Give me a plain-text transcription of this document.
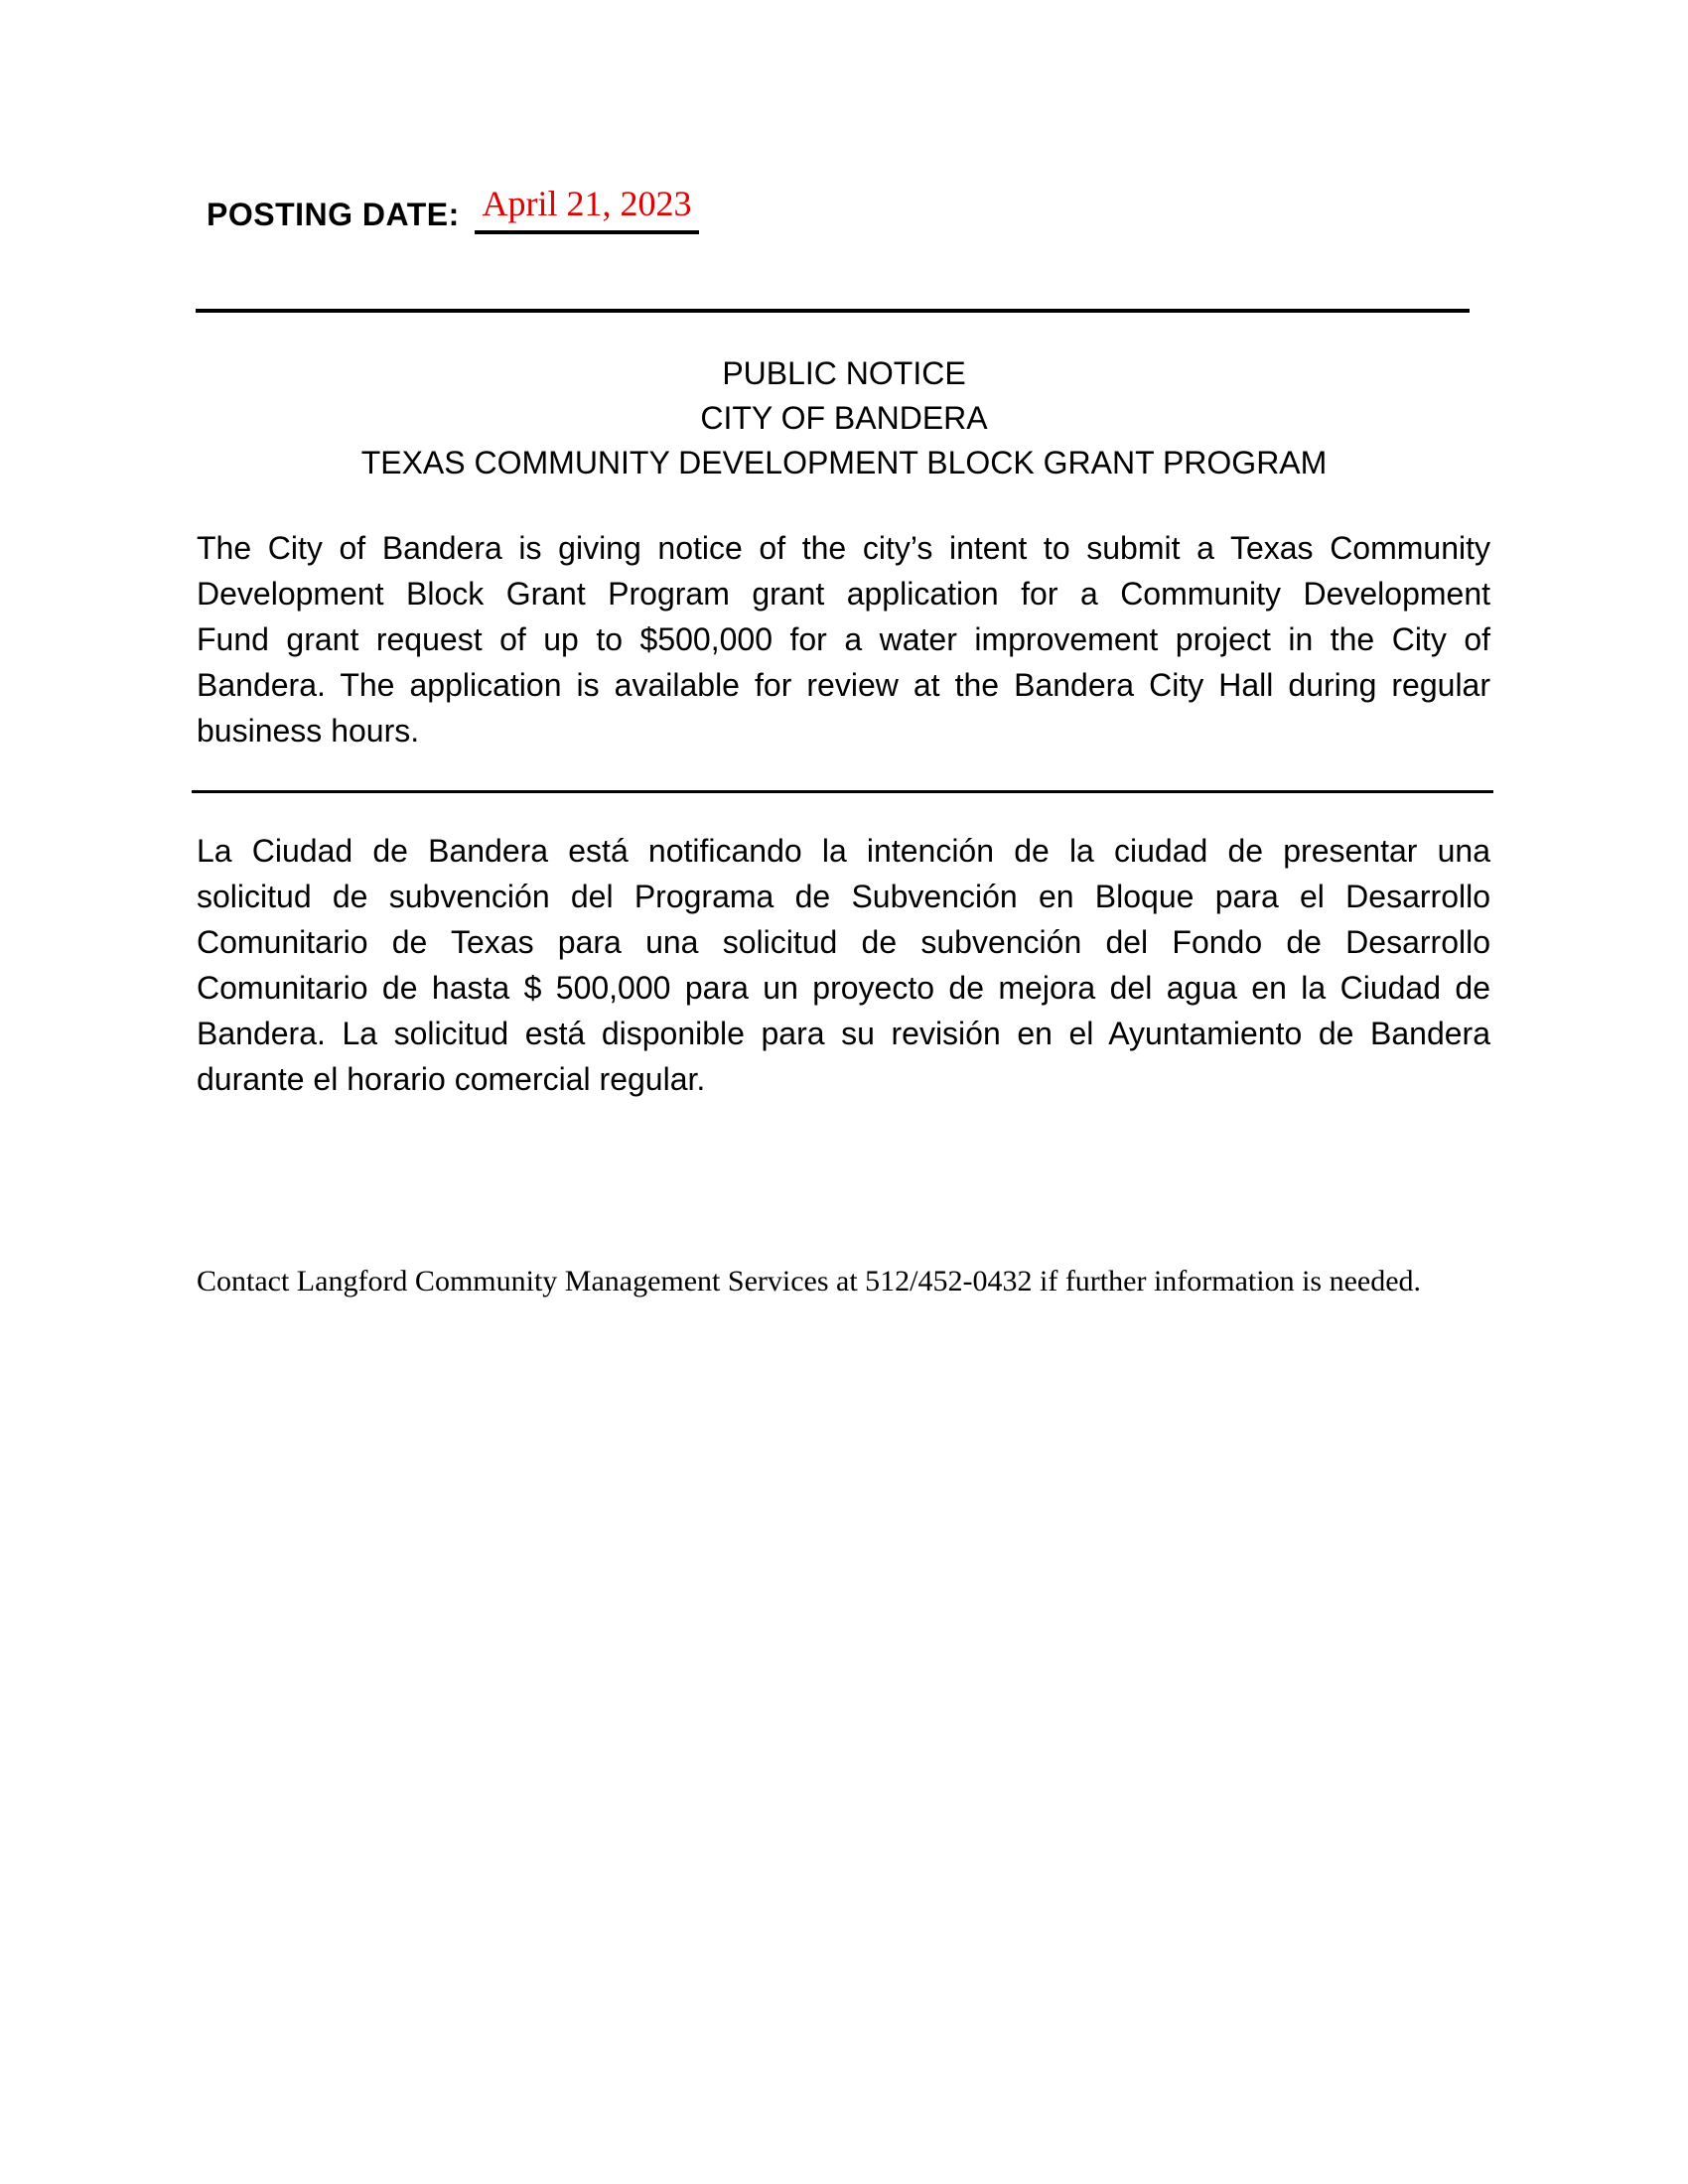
POSTING DATE: April 21, 2023
PUBLIC NOTICE
CITY OF BANDERA
TEXAS COMMUNITY DEVELOPMENT BLOCK GRANT PROGRAM
The City of Bandera is giving notice of the city’s intent to submit a Texas Community
Development Block Grant Program grant application for a Community Development
Fund grant request of up to $500,000 for a water improvement project in the City of
Bandera. The application is available for review at the Bandera City Hall during regular
business hours.
La Ciudad de Bandera está notificando la intención de la ciudad de presentar una
solicitud de subvención del Programa de Subvención en Bloque para el Desarrollo
Comunitario de Texas para una solicitud de subvención del Fondo de Desarrollo
Comunitario de hasta $ 500,000 para un proyecto de mejora del agua en la Ciudad de
Bandera. La solicitud está disponible para su revisión en el Ayuntamiento de Bandera
durante el horario comercial regular.
Contact Langford Community Management Services at 512/452-0432 if further information is needed.
